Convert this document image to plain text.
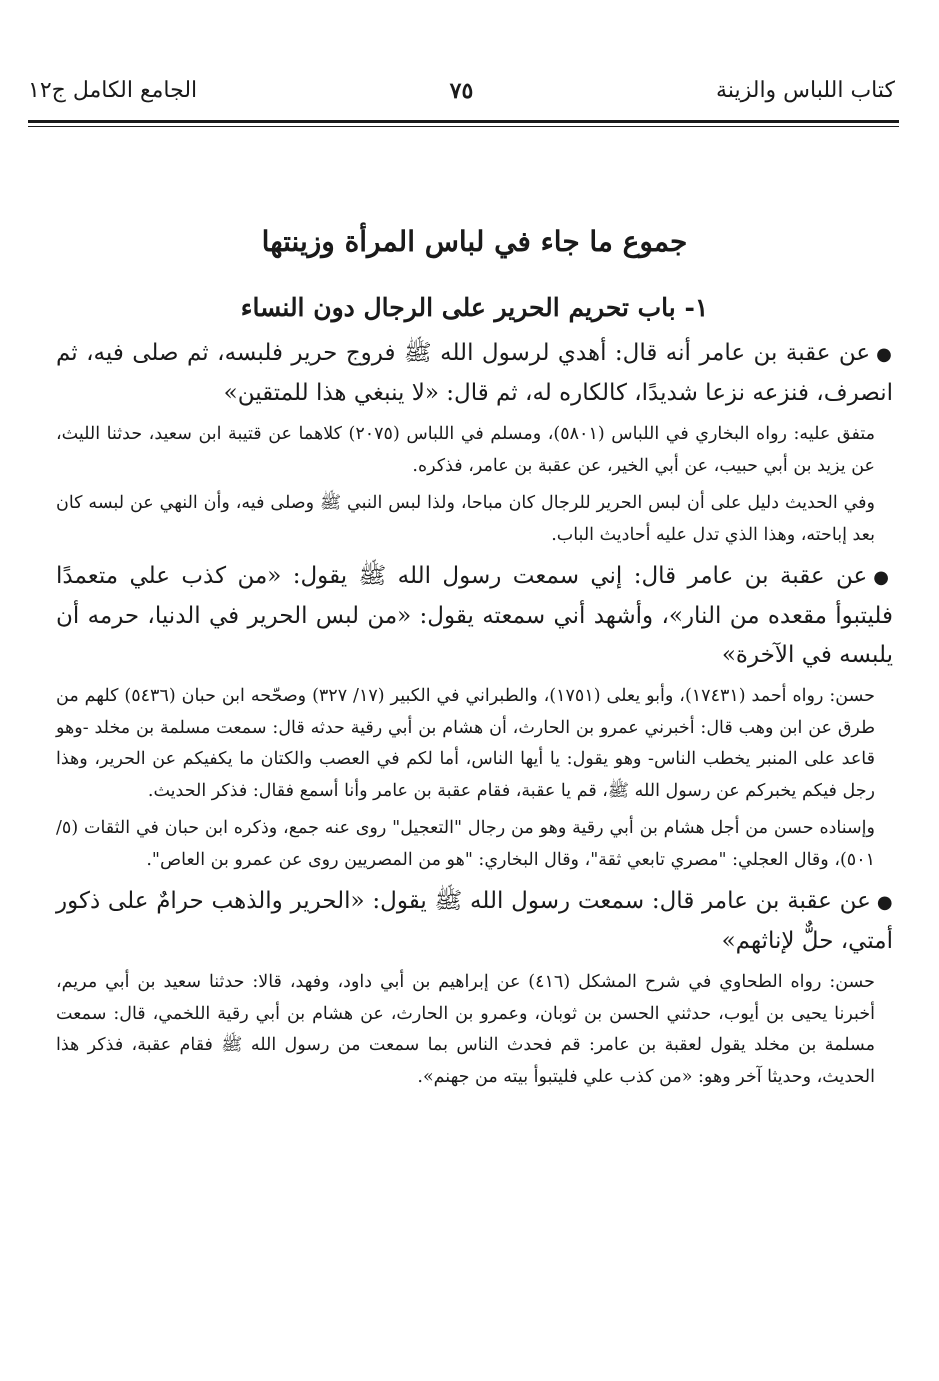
كتاب اللباس والزينة
٧٥
الجامع الكامل ج١٢
جموع ما جاء في لباس المرأة وزينتها
١- باب تحريم الحرير على الرجال دون النساء

●عن عقبة بن عامر أنه قال: أهدي لرسول الله ﷺ فروج حرير فلبسه، ثم صلى فيه، ثم انصرف، فنزعه نزعا شديدًا، كالكاره له، ثم قال: «لا ينبغي هذا للمتقين»

متفق عليه: رواه البخاري في اللباس (٥٨٠١)، ومسلم في اللباس (٢٠٧٥) كلاهما عن قتيبة ابن سعيد، حدثنا الليث، عن يزيد بن أبي حبيب، عن أبي الخير، عن عقبة بن عامر، فذكره.

وفي الحديث دليل على أن لبس الحرير للرجال كان مباحا، ولذا لبس النبي ﷺ وصلى فيه، وأن النهي عن لبسه كان بعد إباحته، وهذا الذي تدل عليه أحاديث الباب.

●عن عقبة بن عامر قال: إني سمعت رسول الله ﷺ يقول: «من كذب علي متعمدًا فليتبوأ مقعده من النار»، وأشهد أني سمعته يقول: «من لبس الحرير في الدنيا، حرمه أن يلبسه في الآخرة»

حسن: رواه أحمد (١٧٤٣١)، وأبو يعلى (١٧٥١)، والطبراني في الكبير (١٧/ ٣٢٧) وصحّحه ابن حبان (٥٤٣٦) كلهم من طرق عن ابن وهب قال: أخبرني عمرو بن الحارث، أن هشام بن أبي رقية حدثه قال: سمعت مسلمة بن مخلد -وهو قاعد على المنبر يخطب الناس- وهو يقول: يا أيها الناس، أما لكم في العصب والكتان ما يكفيكم عن الحرير، وهذا رجل فيكم يخبركم عن رسول الله ﷺ، قم يا عقبة، فقام عقبة بن عامر وأنا أسمع فقال: فذكر الحديث.

وإسناده حسن من أجل هشام بن أبي رقية وهو من رجال "التعجيل" روى عنه جمع، وذكره ابن حبان في الثقات (٥/ ٥٠١)، وقال العجلي: "مصري تابعي ثقة"، وقال البخاري: "هو من المصريين روى عن عمرو بن العاص".

●عن عقبة بن عامر قال: سمعت رسول الله ﷺ يقول: «الحرير والذهب حرامٌ على ذكور أمتي، حلٌّ لإناثهم»

حسن: رواه الطحاوي في شرح المشكل (٤١٦) عن إبراهيم بن أبي داود، وفهد، قالا: حدثنا سعيد بن أبي مريم، أخبرنا يحيى بن أيوب، حدثني الحسن بن ثوبان، وعمرو بن الحارث، عن هشام بن أبي رقية اللخمي، قال: سمعت مسلمة بن مخلد يقول لعقبة بن عامر: قم فحدث الناس بما سمعت من رسول الله ﷺ فقام عقبة، فذكر هذا الحديث، وحديثا آخر وهو: «من كذب علي فليتبوأ بيته من جهنم».
